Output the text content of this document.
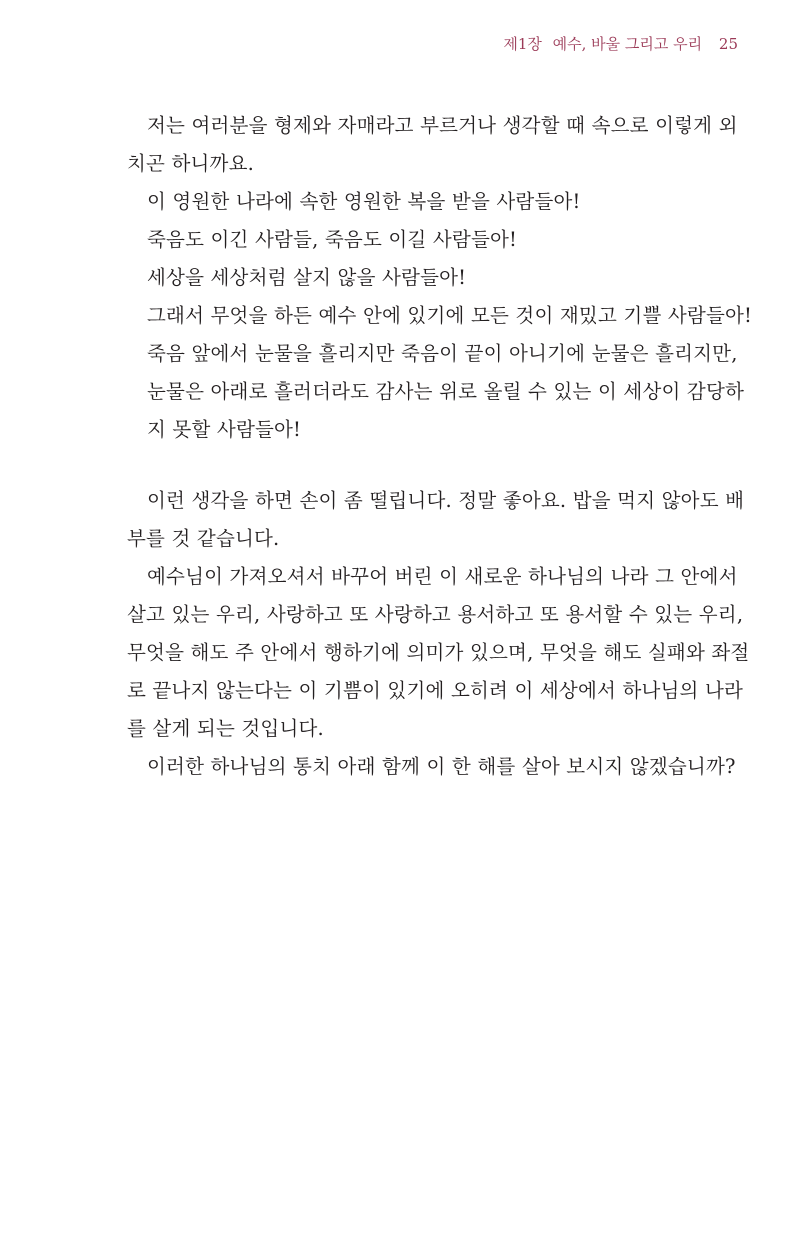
제1장 예수, 바울 그리고 우리 25
저는 여러분을 형제와 자매라고 부르거나 생각할 때 속으로 이렇게 외
치곤 하니까요.
이 영원한 나라에 속한 영원한 복을 받을 사람들아!
죽음도 이긴 사람들, 죽음도 이길 사람들아!
세상을 세상처럼 살지 않을 사람들아!
그래서 무엇을 하든 예수 안에 있기에 모든 것이 재밌고 기쁠 사람들아!
죽음 앞에서 눈물을 흘리지만 죽음이 끝이 아니기에 눈물은 흘리지만,
눈물은 아래로 흘러더라도 감사는 위로 올릴 수 있는 이 세상이 감당하
지 못할 사람들아!
이런 생각을 하면 손이 좀 떨립니다. 정말 좋아요. 밥을 먹지 않아도 배
부를 것 같습니다.
예수님이 가져오셔서 바꾸어 버린 이 새로운 하나님의 나라 그 안에서
살고 있는 우리, 사랑하고 또 사랑하고 용서하고 또 용서할 수 있는 우리,
무엇을 해도 주 안에서 행하기에 의미가 있으며, 무엇을 해도 실패와 좌절
로 끝나지 않는다는 이 기쁨이 있기에 오히려 이 세상에서 하나님의 나라
를 살게 되는 것입니다.
이러한 하나님의 통치 아래 함께 이 한 해를 살아 보시지 않겠습니까?
